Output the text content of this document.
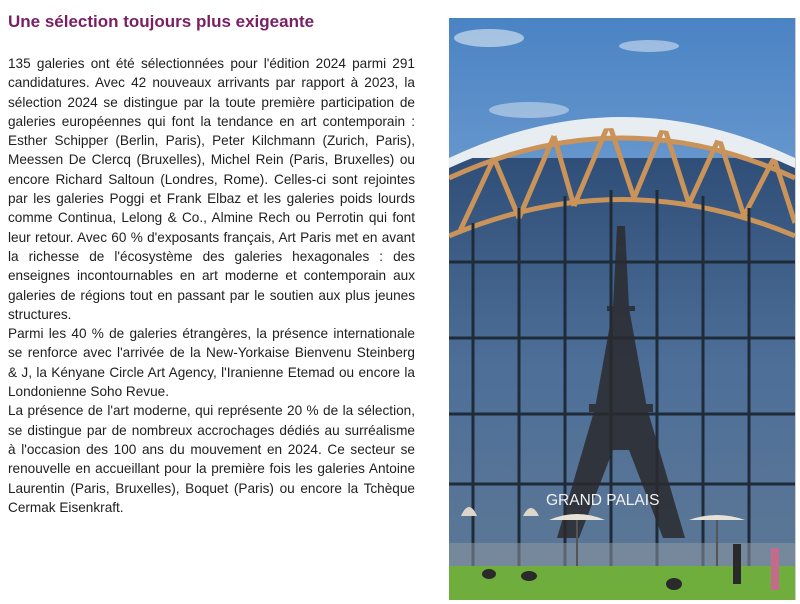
Une sélection toujours plus exigeante

135 galeries ont été sélectionnées pour l'édition 2024 parmi 291 candidatures. Avec 42 nouveaux arrivants par rapport à 2023, la sélection 2024 se distingue par la toute première participation de galeries européennes qui font la tendance en art contemporain : Esther Schipper (Berlin, Paris), Peter Kilchmann (Zurich, Paris), Meessen De Clercq (Bruxelles), Michel Rein (Paris, Bruxelles) ou encore Richard Saltoun (Londres, Rome). Celles-ci sont rejointes par les galeries Poggi et Frank Elbaz et les galeries poids lourds comme Continua, Lelong & Co., Almine Rech ou Perrotin qui font leur retour. Avec 60 % d'exposants français, Art Paris met en avant la richesse de l'écosystème des galeries hexagonales : des enseignes incontournables en art moderne et contemporain aux galeries de régions tout en passant par le soutien aux plus jeunes structures.

Parmi les 40 % de galeries étrangères, la présence internationale se renforce avec l'arrivée de la New-Yorkaise Bienvenu Steinberg & J, la Kényane Circle Art Agency, l'Iranienne Etemad ou encore la Londonienne Soho Revue.

La présence de l'art moderne, qui représente 20 % de la sélection, se distingue par de nombreux accrochages dédiés au surréalisme à l'occasion des 100 ans du mouvement en 2024. Ce secteur se renouvelle en accueillant pour la première fois les galeries Antoine Laurentin (Paris, Bruxelles), Boquet (Paris) ou encore la Tchèque Cermak Eisenkraft.	GRAND PALAIS
